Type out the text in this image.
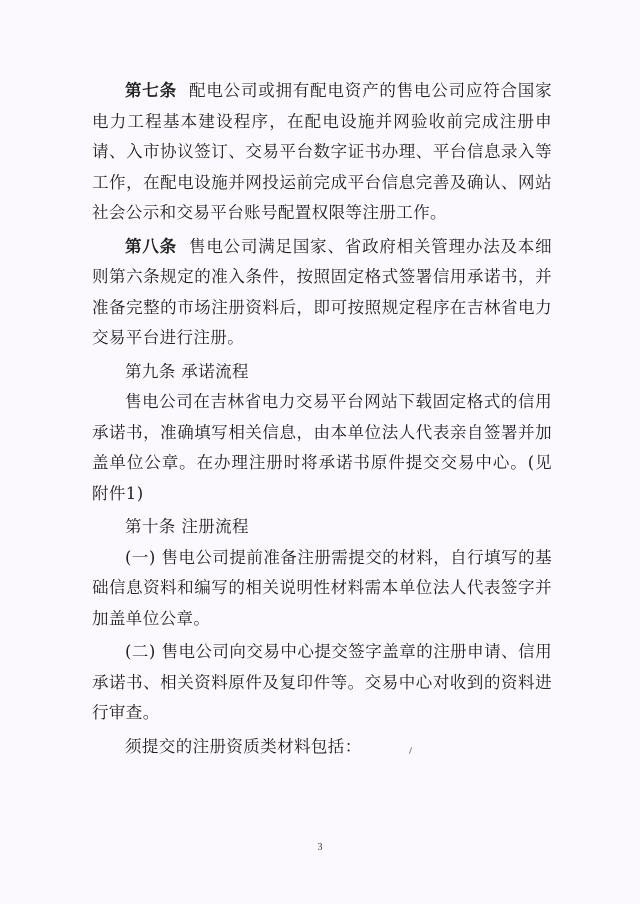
第七条 配电公司或拥有配电资产的售电公司应符合国家电力工程基本建设程序，在配电设施并网验收前完成注册申请、入市协议签订、交易平台数字证书办理、平台信息录入等工作，在配电设施并网投运前完成平台信息完善及确认、网站社会公示和交易平台账号配置权限等注册工作。

第八条 售电公司满足国家、省政府相关管理办法及本细则第六条规定的准入条件，按照固定格式签署信用承诺书，并准备完整的市场注册资料后，即可按照规定程序在吉林省电力交易平台进行注册。

第九条 承诺流程

售电公司在吉林省电力交易平台网站下载固定格式的信用承诺书，准确填写相关信息，由本单位法人代表亲自签署并加盖单位公章。在办理注册时将承诺书原件提交交易中心。(见附件1)

第十条 注册流程

(一) 售电公司提前准备注册需提交的材料，自行填写的基础信息资料和编写的相关说明性材料需本单位法人代表签字并加盖单位公章。

(二) 售电公司向交易中心提交签字盖章的注册申请、信用承诺书、相关资料原件及复印件等。交易中心对收到的资料进行审查。

须提交的注册资质类材料包括：

3
